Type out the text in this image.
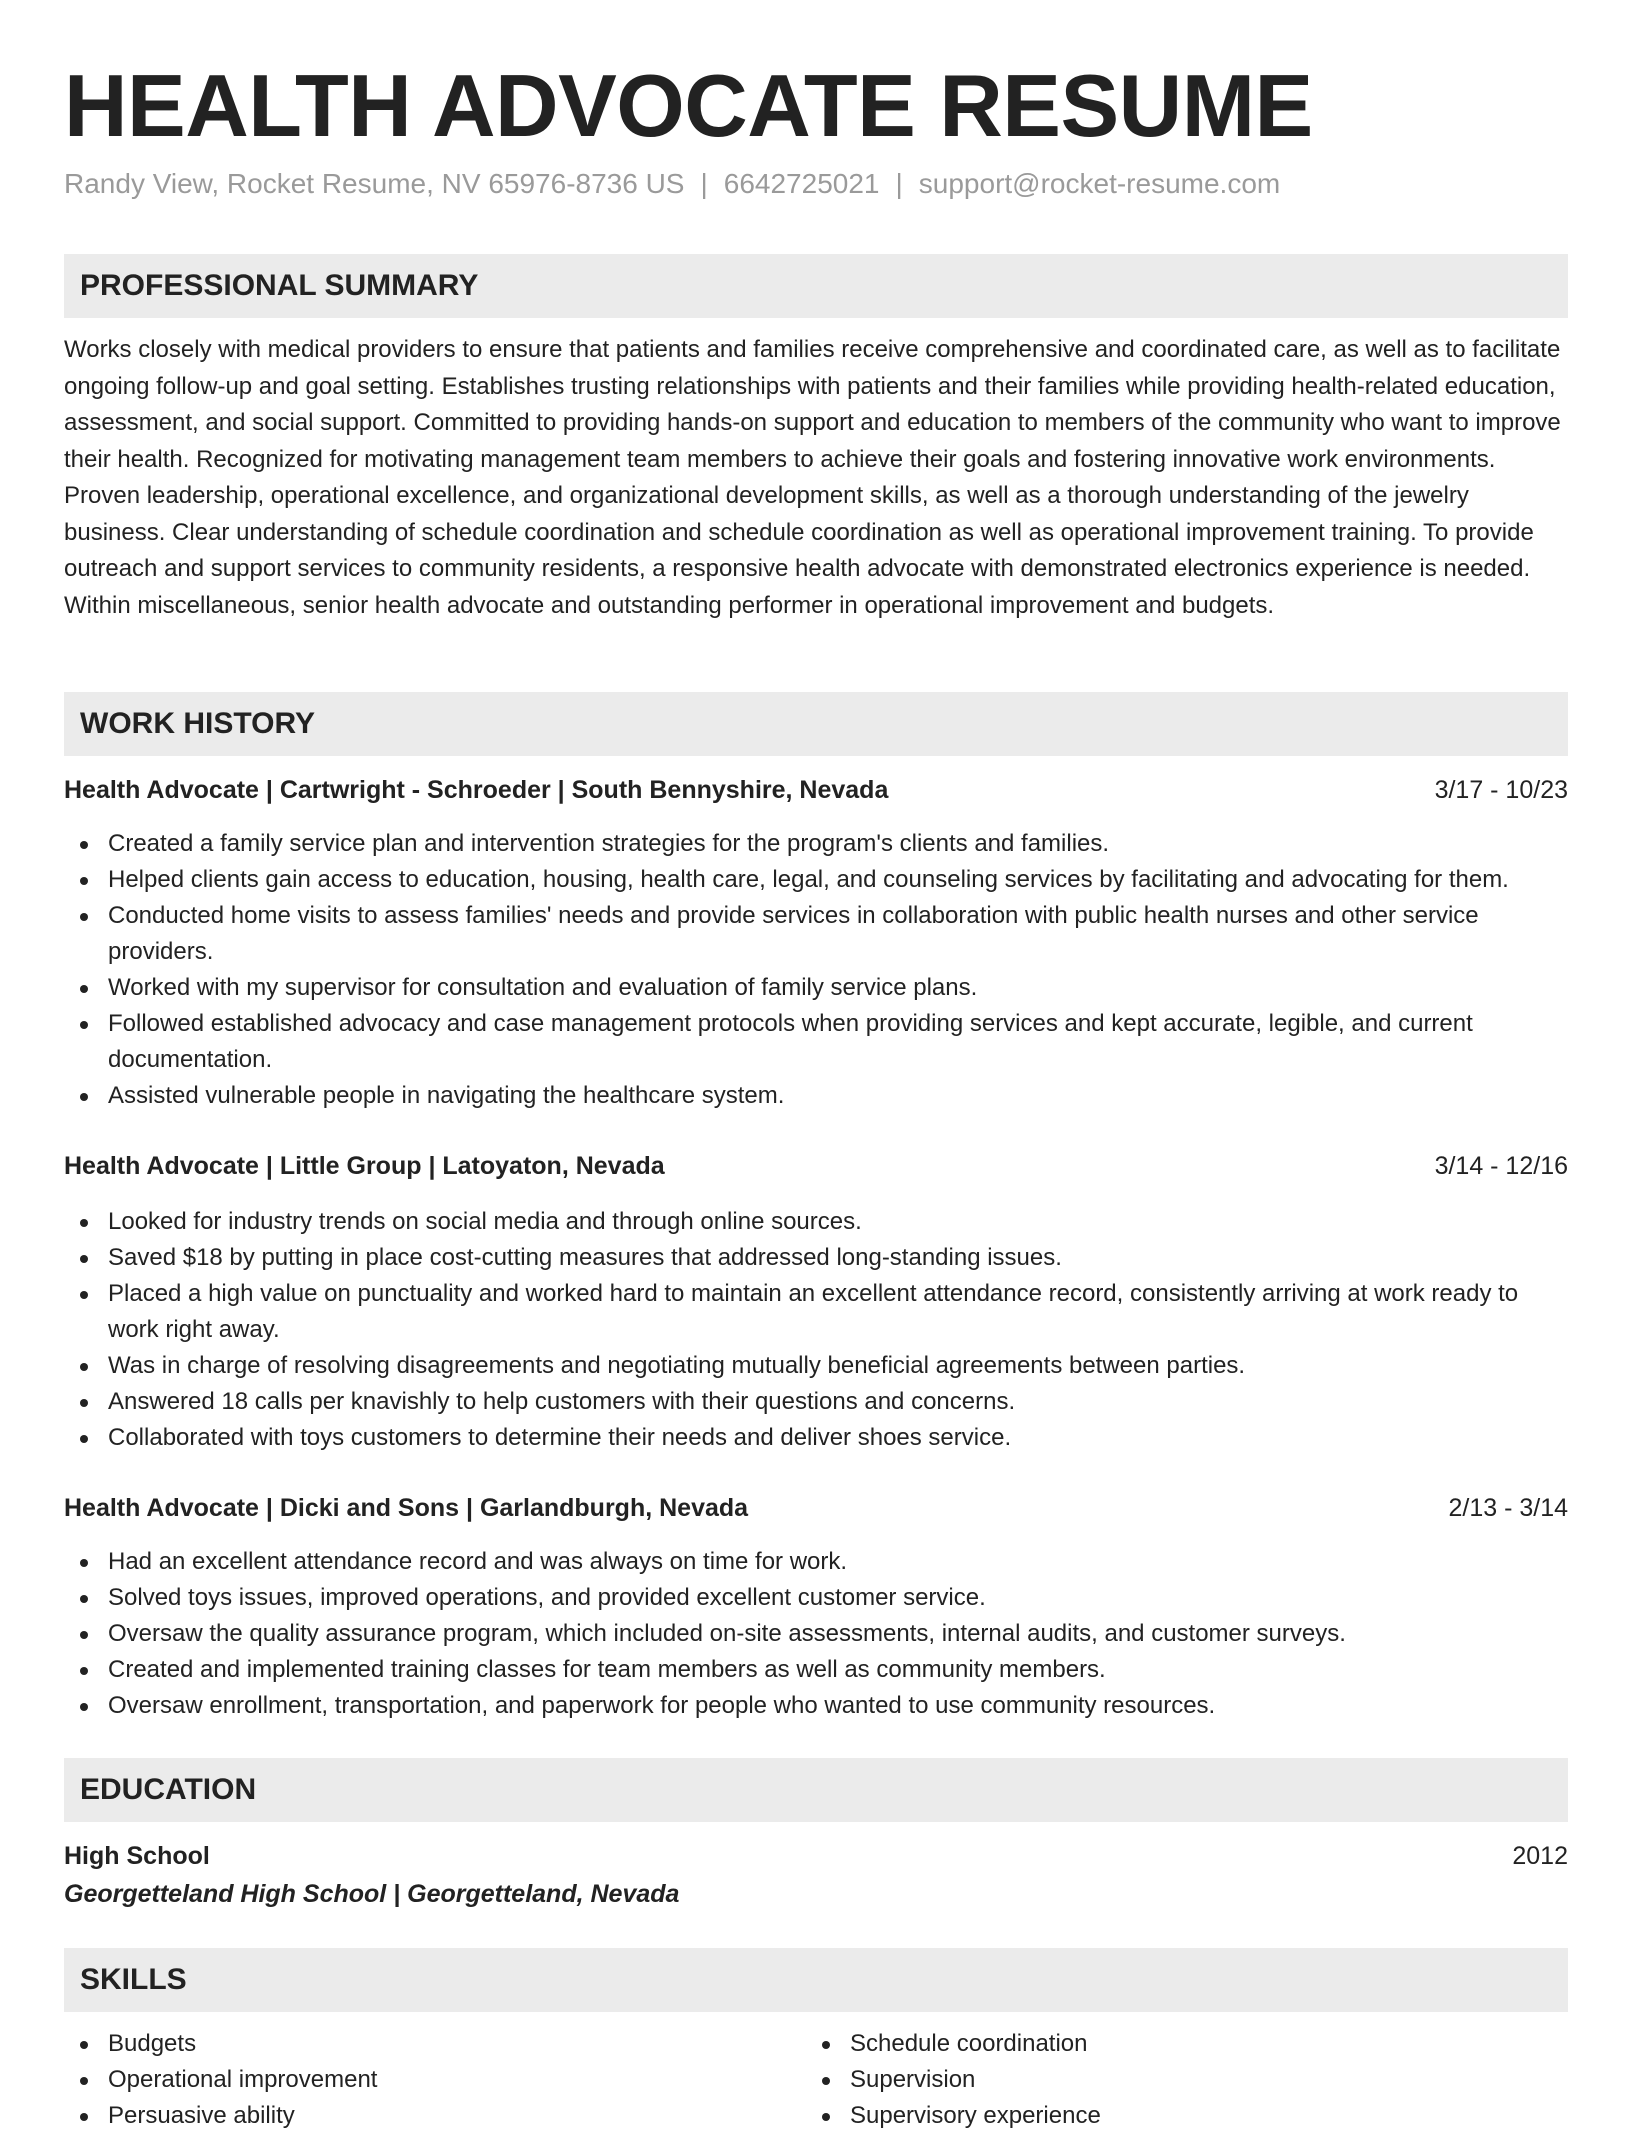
HEALTH ADVOCATE RESUME
Randy View, Rocket Resume, NV 65976-8736 US | 6642725021 | support@rocket-resume.com
PROFESSIONAL SUMMARY
Works closely with medical providers to ensure that patients and families receive comprehensive and coordinated care, as well as to facilitate ongoing follow-up and goal setting. Establishes trusting relationships with patients and their families while providing health-related education, assessment, and social support. Committed to providing hands-on support and education to members of the community who want to improve their health. Recognized for motivating management team members to achieve their goals and fostering innovative work environments. Proven leadership, operational excellence, and organizational development skills, as well as a thorough understanding of the jewelry business. Clear understanding of schedule coordination and schedule coordination as well as operational improvement training. To provide outreach and support services to community residents, a responsive health advocate with demonstrated electronics experience is needed. Within miscellaneous, senior health advocate and outstanding performer in operational improvement and budgets.
WORK HISTORY
Health Advocate | Cartwright - Schroeder | South Bennyshire, Nevada	3/17 - 10/23
Created a family service plan and intervention strategies for the program's clients and families.
Helped clients gain access to education, housing, health care, legal, and counseling services by facilitating and advocating for them.
Conducted home visits to assess families' needs and provide services in collaboration with public health nurses and other service providers.
Worked with my supervisor for consultation and evaluation of family service plans.
Followed established advocacy and case management protocols when providing services and kept accurate, legible, and current documentation.
Assisted vulnerable people in navigating the healthcare system.
Health Advocate | Little Group | Latoyaton, Nevada	3/14 - 12/16
Looked for industry trends on social media and through online sources.
Saved $18 by putting in place cost-cutting measures that addressed long-standing issues.
Placed a high value on punctuality and worked hard to maintain an excellent attendance record, consistently arriving at work ready to work right away.
Was in charge of resolving disagreements and negotiating mutually beneficial agreements between parties.
Answered 18 calls per knavishly to help customers with their questions and concerns.
Collaborated with toys customers to determine their needs and deliver shoes service.
Health Advocate | Dicki and Sons | Garlandburgh, Nevada	2/13 - 3/14
Had an excellent attendance record and was always on time for work.
Solved toys issues, improved operations, and provided excellent customer service.
Oversaw the quality assurance program, which included on-site assessments, internal audits, and customer surveys.
Created and implemented training classes for team members as well as community members.
Oversaw enrollment, transportation, and paperwork for people who wanted to use community resources.
EDUCATION
High School	2012
Georgetteland High School | Georgetteland, Nevada
SKILLS
Budgets
Operational improvement
Persuasive ability
Schedule coordination
Supervision
Supervisory experience
